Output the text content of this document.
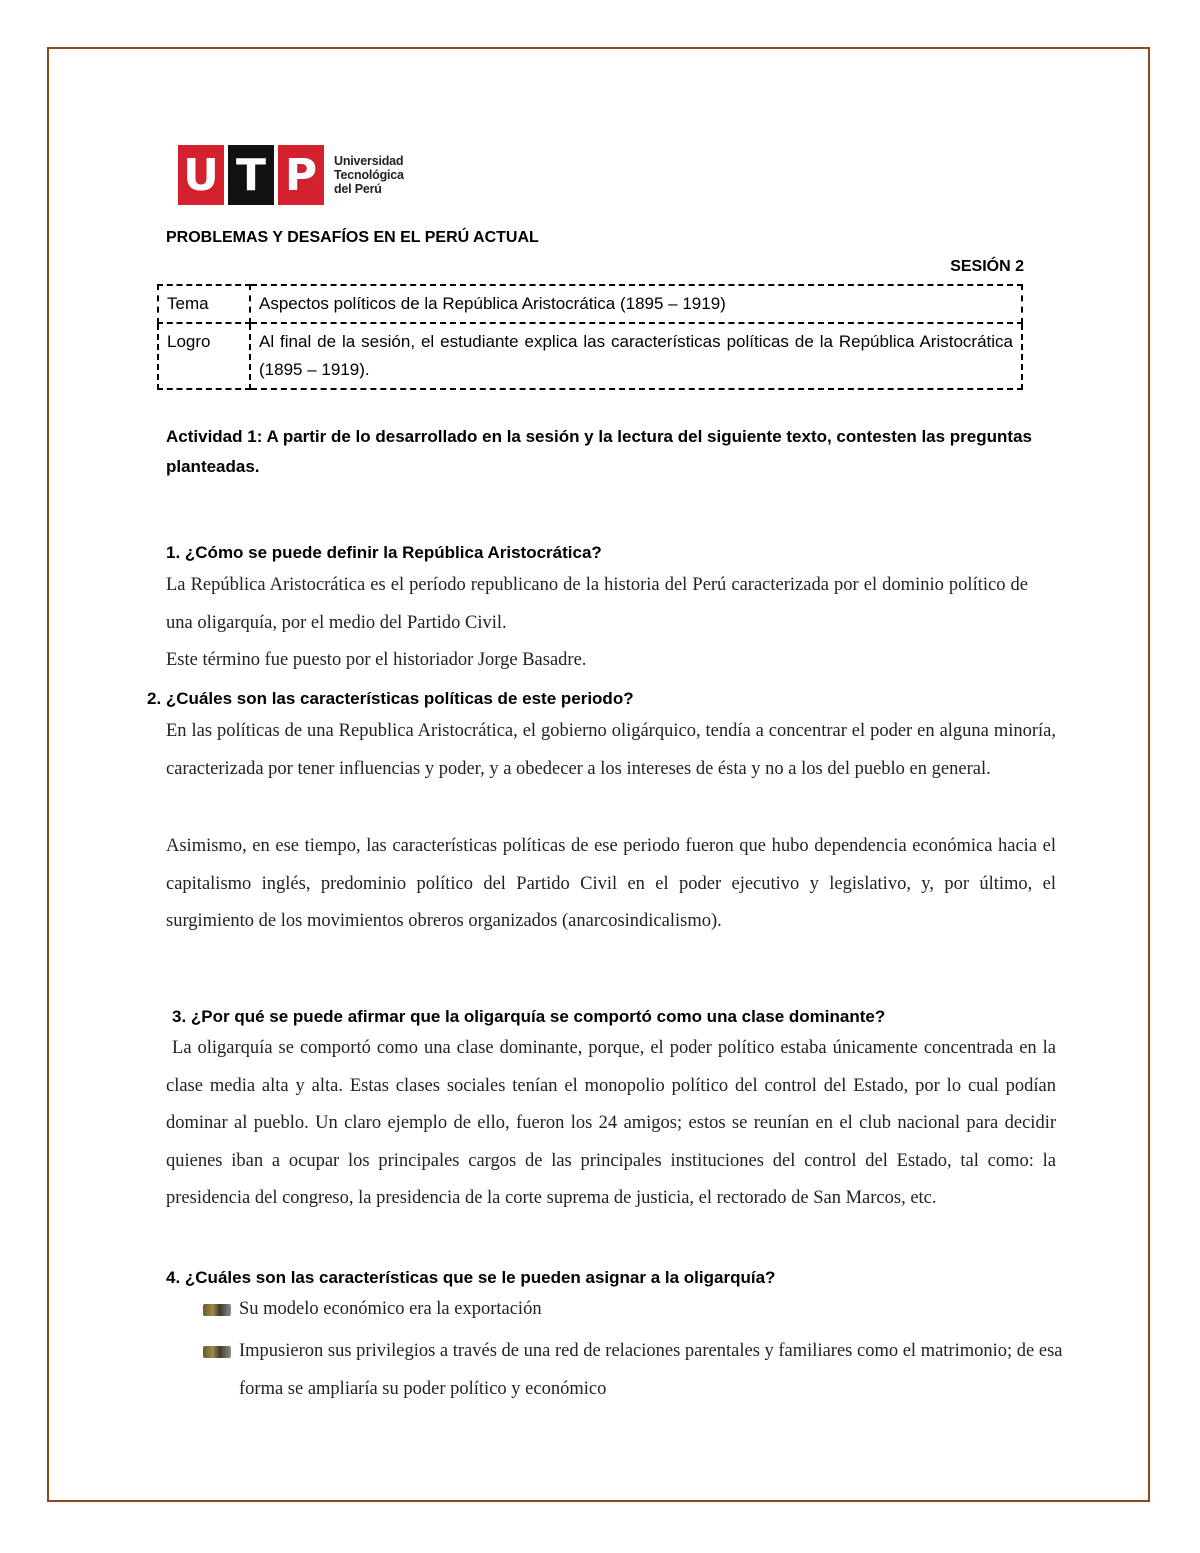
U T P	Universidad
Tecnológica
del Perú
PROBLEMAS Y DESAFÍOS EN EL PERÚ ACTUAL
SESIÓN 2
Tema	Aspectos políticos de la República Aristocrática (1895 – 1919)
Logro	Al final de la sesión, el estudiante explica las características políticas de la República Aristocrática (1895 – 1919).
Actividad 1: A partir de lo desarrollado en la sesión y la lectura del siguiente texto, contesten las preguntas planteadas.
1. ¿Cómo se puede definir la República Aristocrática?
La República Aristocrática es el período republicano de la historia del Perú caracterizada por el dominio político de una oligarquía, por el medio del Partido Civil.
Este término fue puesto por el historiador Jorge Basadre.
2. ¿Cuáles son las características políticas de este periodo?
En las políticas de una Republica Aristocrática, el gobierno oligárquico, tendía a concentrar el poder en alguna minoría, caracterizada por tener influencias y poder, y a obedecer a los intereses de ésta y no a los del pueblo en general.
Asimismo, en ese tiempo, las características políticas de ese periodo fueron que hubo dependencia económica hacia el capitalismo inglés, predominio político del Partido Civil en el poder ejecutivo y legislativo, y, por último, el surgimiento de los movimientos obreros organizados (anarcosindicalismo).
3. ¿Por qué se puede afirmar que la oligarquía se comportó como una clase dominante?
La oligarquía se comportó como una clase dominante, porque, el poder político estaba únicamente concentrada en la clase media alta y alta. Estas clases sociales tenían el monopolio político del control del Estado, por lo cual podían dominar al pueblo. Un claro ejemplo de ello, fueron los 24 amigos; estos se reunían en el club nacional para decidir quienes iban a ocupar los principales cargos de las principales instituciones del control del Estado, tal como: la presidencia del congreso, la presidencia de la corte suprema de justicia, el rectorado de San Marcos, etc.
4. ¿Cuáles son las características que se le pueden asignar a la oligarquía?
Su modelo económico era la exportación
Impusieron sus privilegios a través de una red de relaciones parentales y familiares como el matrimonio; de esa forma se ampliaría su poder político y económico
